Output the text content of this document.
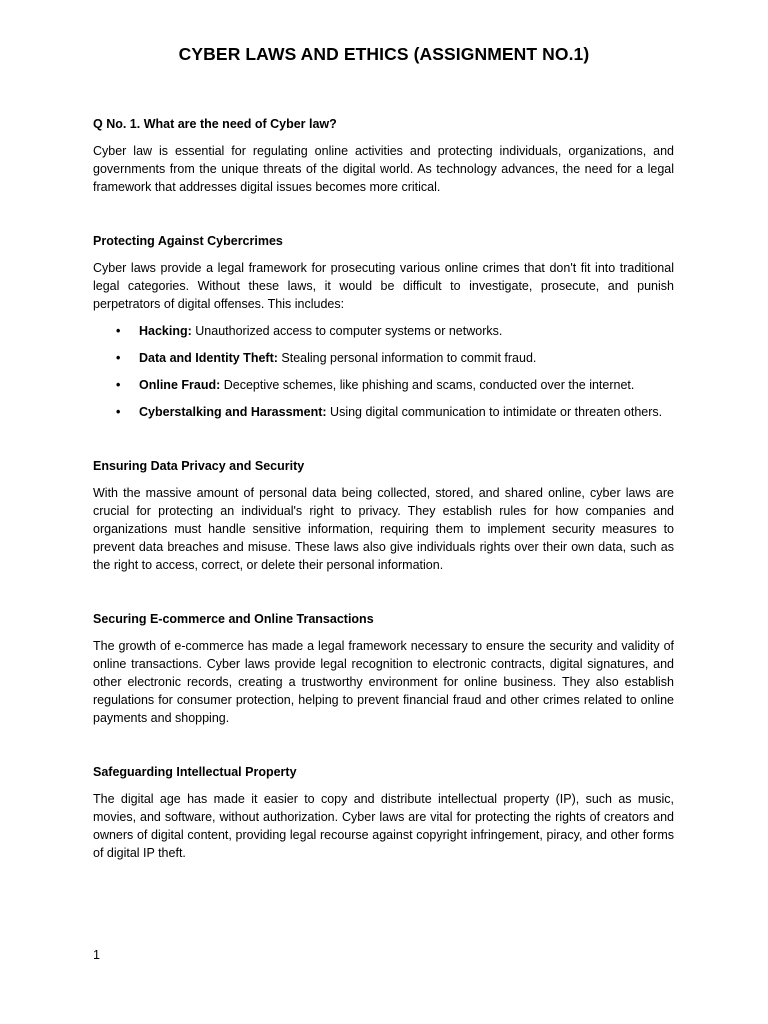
CYBER LAWS AND ETHICS (ASSIGNMENT NO.1)

Q No. 1. What are the need of Cyber law?

Cyber law is essential for regulating online activities and protecting individuals, organizations, and governments from the unique threats of the digital world. As technology advances, the need for a legal framework that addresses digital issues becomes more critical.

Protecting Against Cybercrimes

Cyber laws provide a legal framework for prosecuting various online crimes that don't fit into traditional legal categories. Without these laws, it would be difficult to investigate, prosecute, and punish perpetrators of digital offenses. This includes:

• Hacking: Unauthorized access to computer systems or networks.
• Data and Identity Theft: Stealing personal information to commit fraud.
• Online Fraud: Deceptive schemes, like phishing and scams, conducted over the internet.
• Cyberstalking and Harassment: Using digital communication to intimidate or threaten others.
Ensuring Data Privacy and Security

With the massive amount of personal data being collected, stored, and shared online, cyber laws are crucial for protecting an individual's right to privacy. They establish rules for how companies and organizations must handle sensitive information, requiring them to implement security measures to prevent data breaches and misuse. These laws also give individuals rights over their own data, such as the right to access, correct, or delete their personal information.

Securing E-commerce and Online Transactions

The growth of e-commerce has made a legal framework necessary to ensure the security and validity of online transactions. Cyber laws provide legal recognition to electronic contracts, digital signatures, and other electronic records, creating a trustworthy environment for online business. They also establish regulations for consumer protection, helping to prevent financial fraud and other crimes related to online payments and shopping.

Safeguarding Intellectual Property

The digital age has made it easier to copy and distribute intellectual property (IP), such as music, movies, and software, without authorization. Cyber laws are vital for protecting the rights of creators and owners of digital content, providing legal recourse against copyright infringement, piracy, and other forms of digital IP theft.

1
